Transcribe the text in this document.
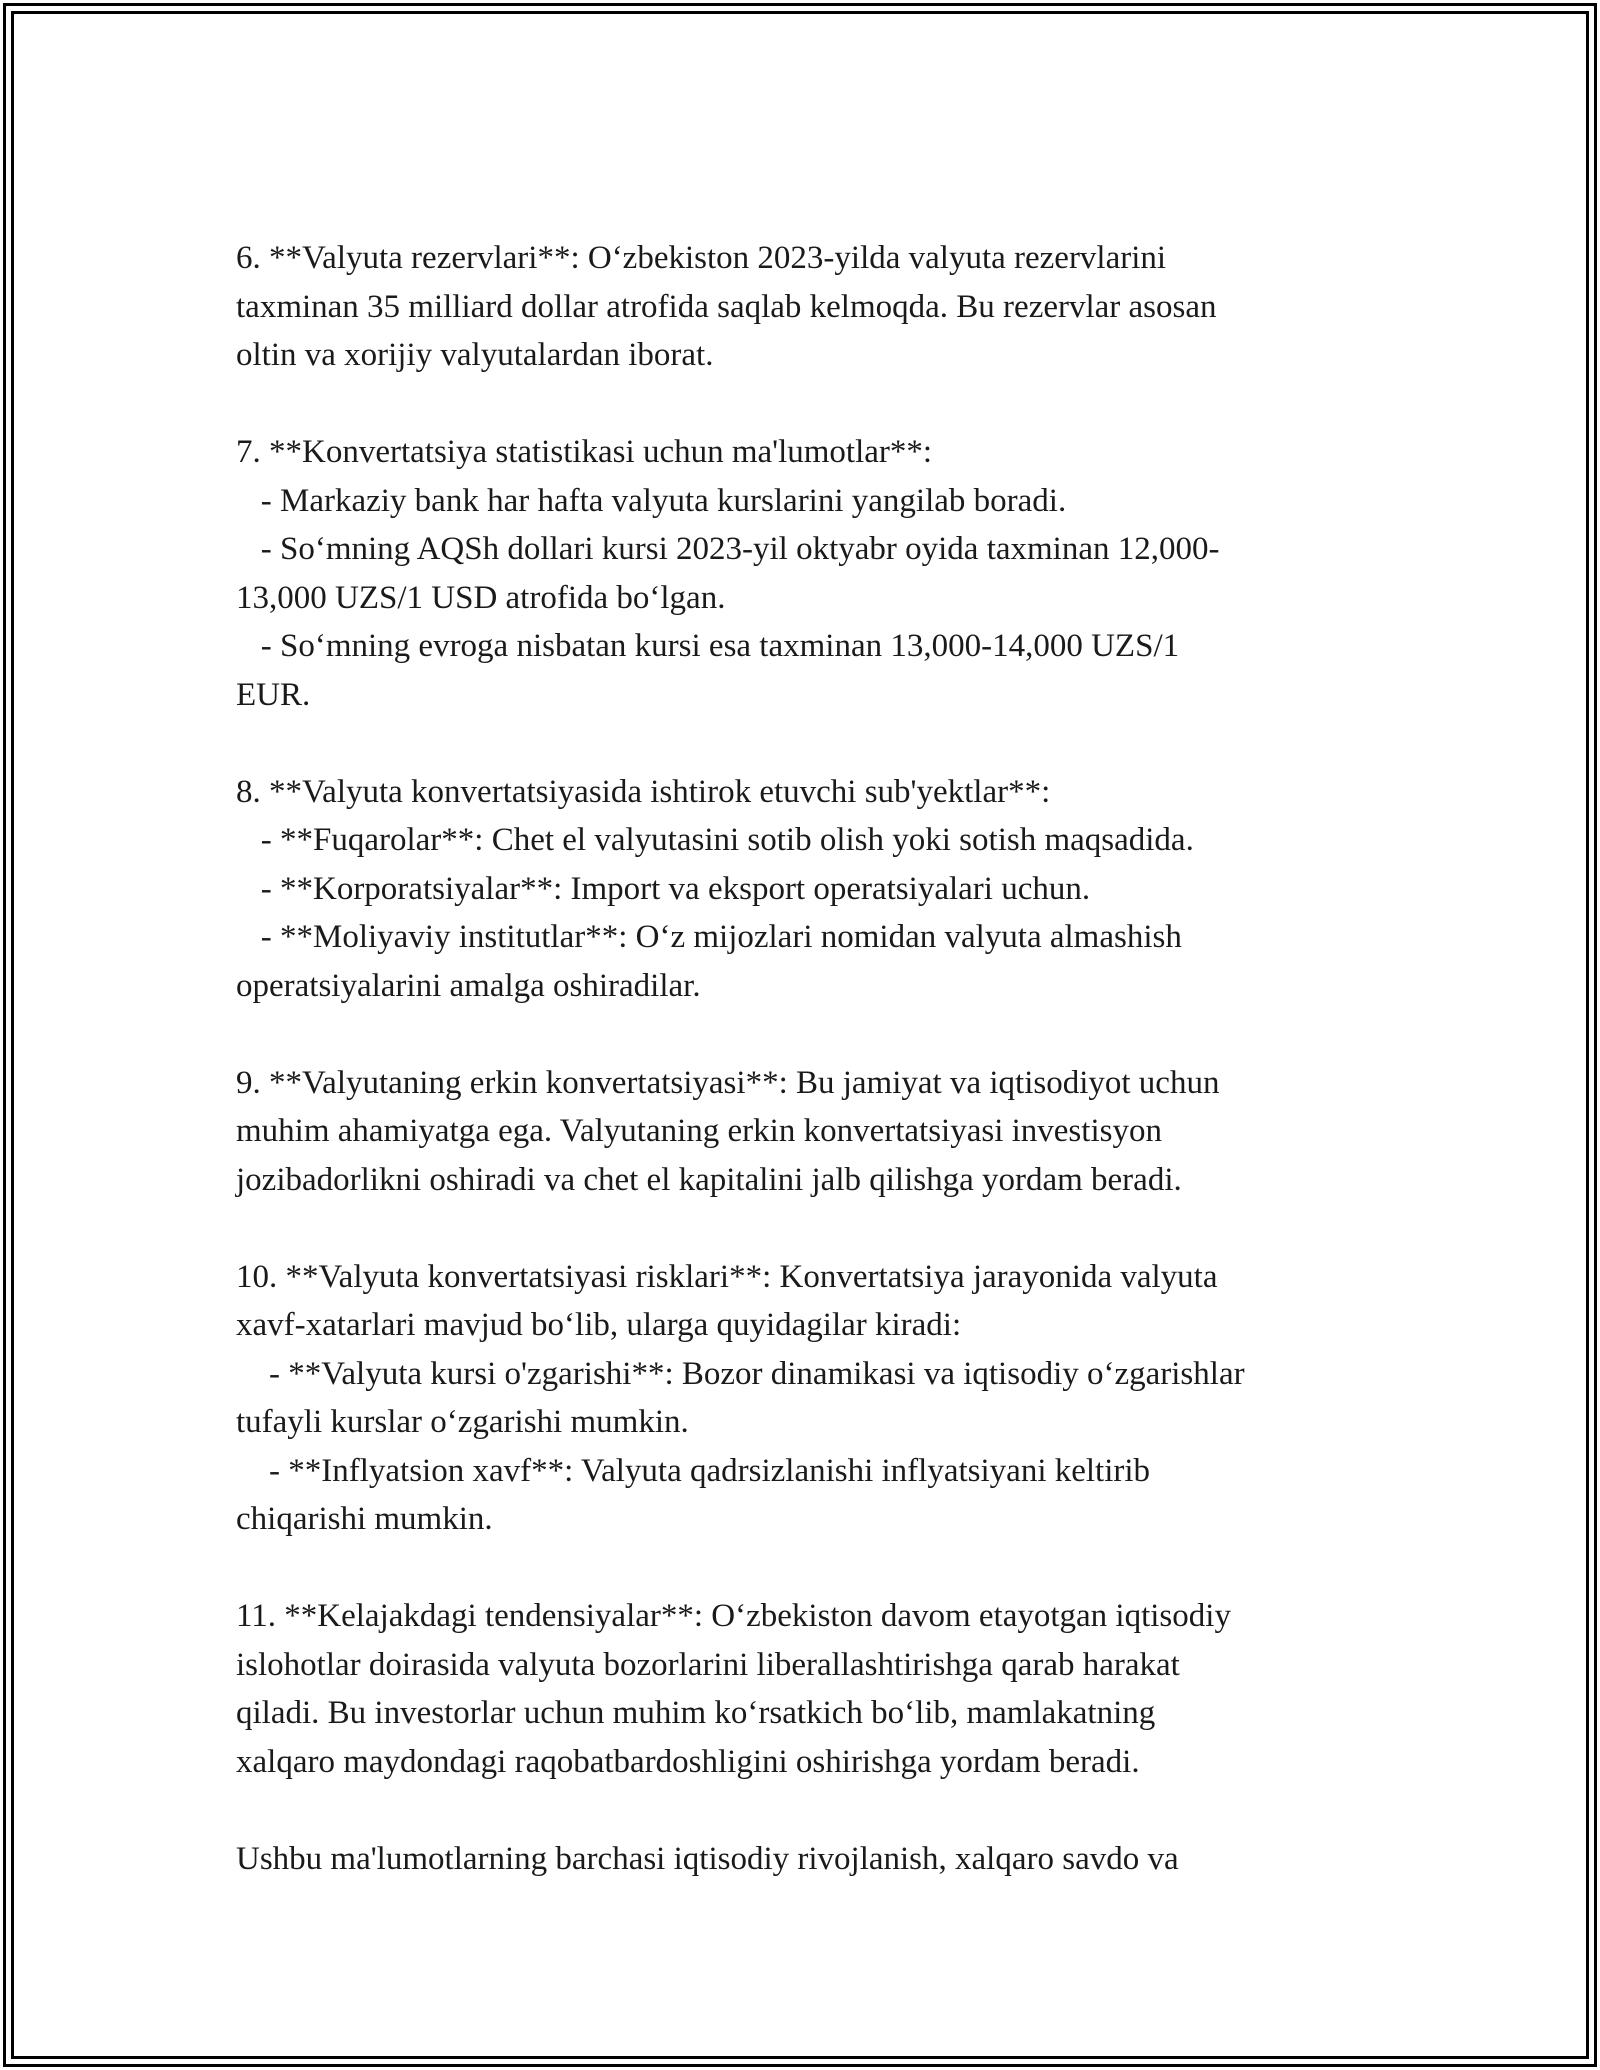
6. **Valyuta rezervlari**: O‘zbekiston 2023-yilda valyuta rezervlarini
taxminan 35 milliard dollar atrofida saqlab kelmoqda. Bu rezervlar asosan
oltin va xorijiy valyutalardan iborat.

7. **Konvertatsiya statistikasi uchun ma'lumotlar**:
- Markaziy bank har hafta valyuta kurslarini yangilab boradi.
- So‘mning AQSh dollari kursi 2023-yil oktyabr oyida taxminan 12,000-
13,000 UZS/1 USD atrofida bo‘lgan.
- So‘mning evroga nisbatan kursi esa taxminan 13,000-14,000 UZS/1
EUR.

8. **Valyuta konvertatsiyasida ishtirok etuvchi sub'yektlar**:
- **Fuqarolar**: Chet el valyutasini sotib olish yoki sotish maqsadida.
- **Korporatsiyalar**: Import va eksport operatsiyalari uchun.
- **Moliyaviy institutlar**: O‘z mijozlari nomidan valyuta almashish
operatsiyalarini amalga oshiradilar.

9. **Valyutaning erkin konvertatsiyasi**: Bu jamiyat va iqtisodiyot uchun
muhim ahamiyatga ega. Valyutaning erkin konvertatsiyasi investisyon
jozibadorlikni oshiradi va chet el kapitalini jalb qilishga yordam beradi.

10. **Valyuta konvertatsiyasi risklari**: Konvertatsiya jarayonida valyuta
xavf-xatarlari mavjud bo‘lib, ularga quyidagilar kiradi:
- **Valyuta kursi o'zgarishi**: Bozor dinamikasi va iqtisodiy o‘zgarishlar
tufayli kurslar o‘zgarishi mumkin.
- **Inflyatsion xavf**: Valyuta qadrsizlanishi inflyatsiyani keltirib
chiqarishi mumkin.

11. **Kelajakdagi tendensiyalar**: O‘zbekiston davom etayotgan iqtisodiy
islohotlar doirasida valyuta bozorlarini liberallashtirishga qarab harakat
qiladi. Bu investorlar uchun muhim ko‘rsatkich bo‘lib, mamlakatning
xalqaro maydondagi raqobatbardoshligini oshirishga yordam beradi.

Ushbu ma'lumotlarning barchasi iqtisodiy rivojlanish, xalqaro savdo va
